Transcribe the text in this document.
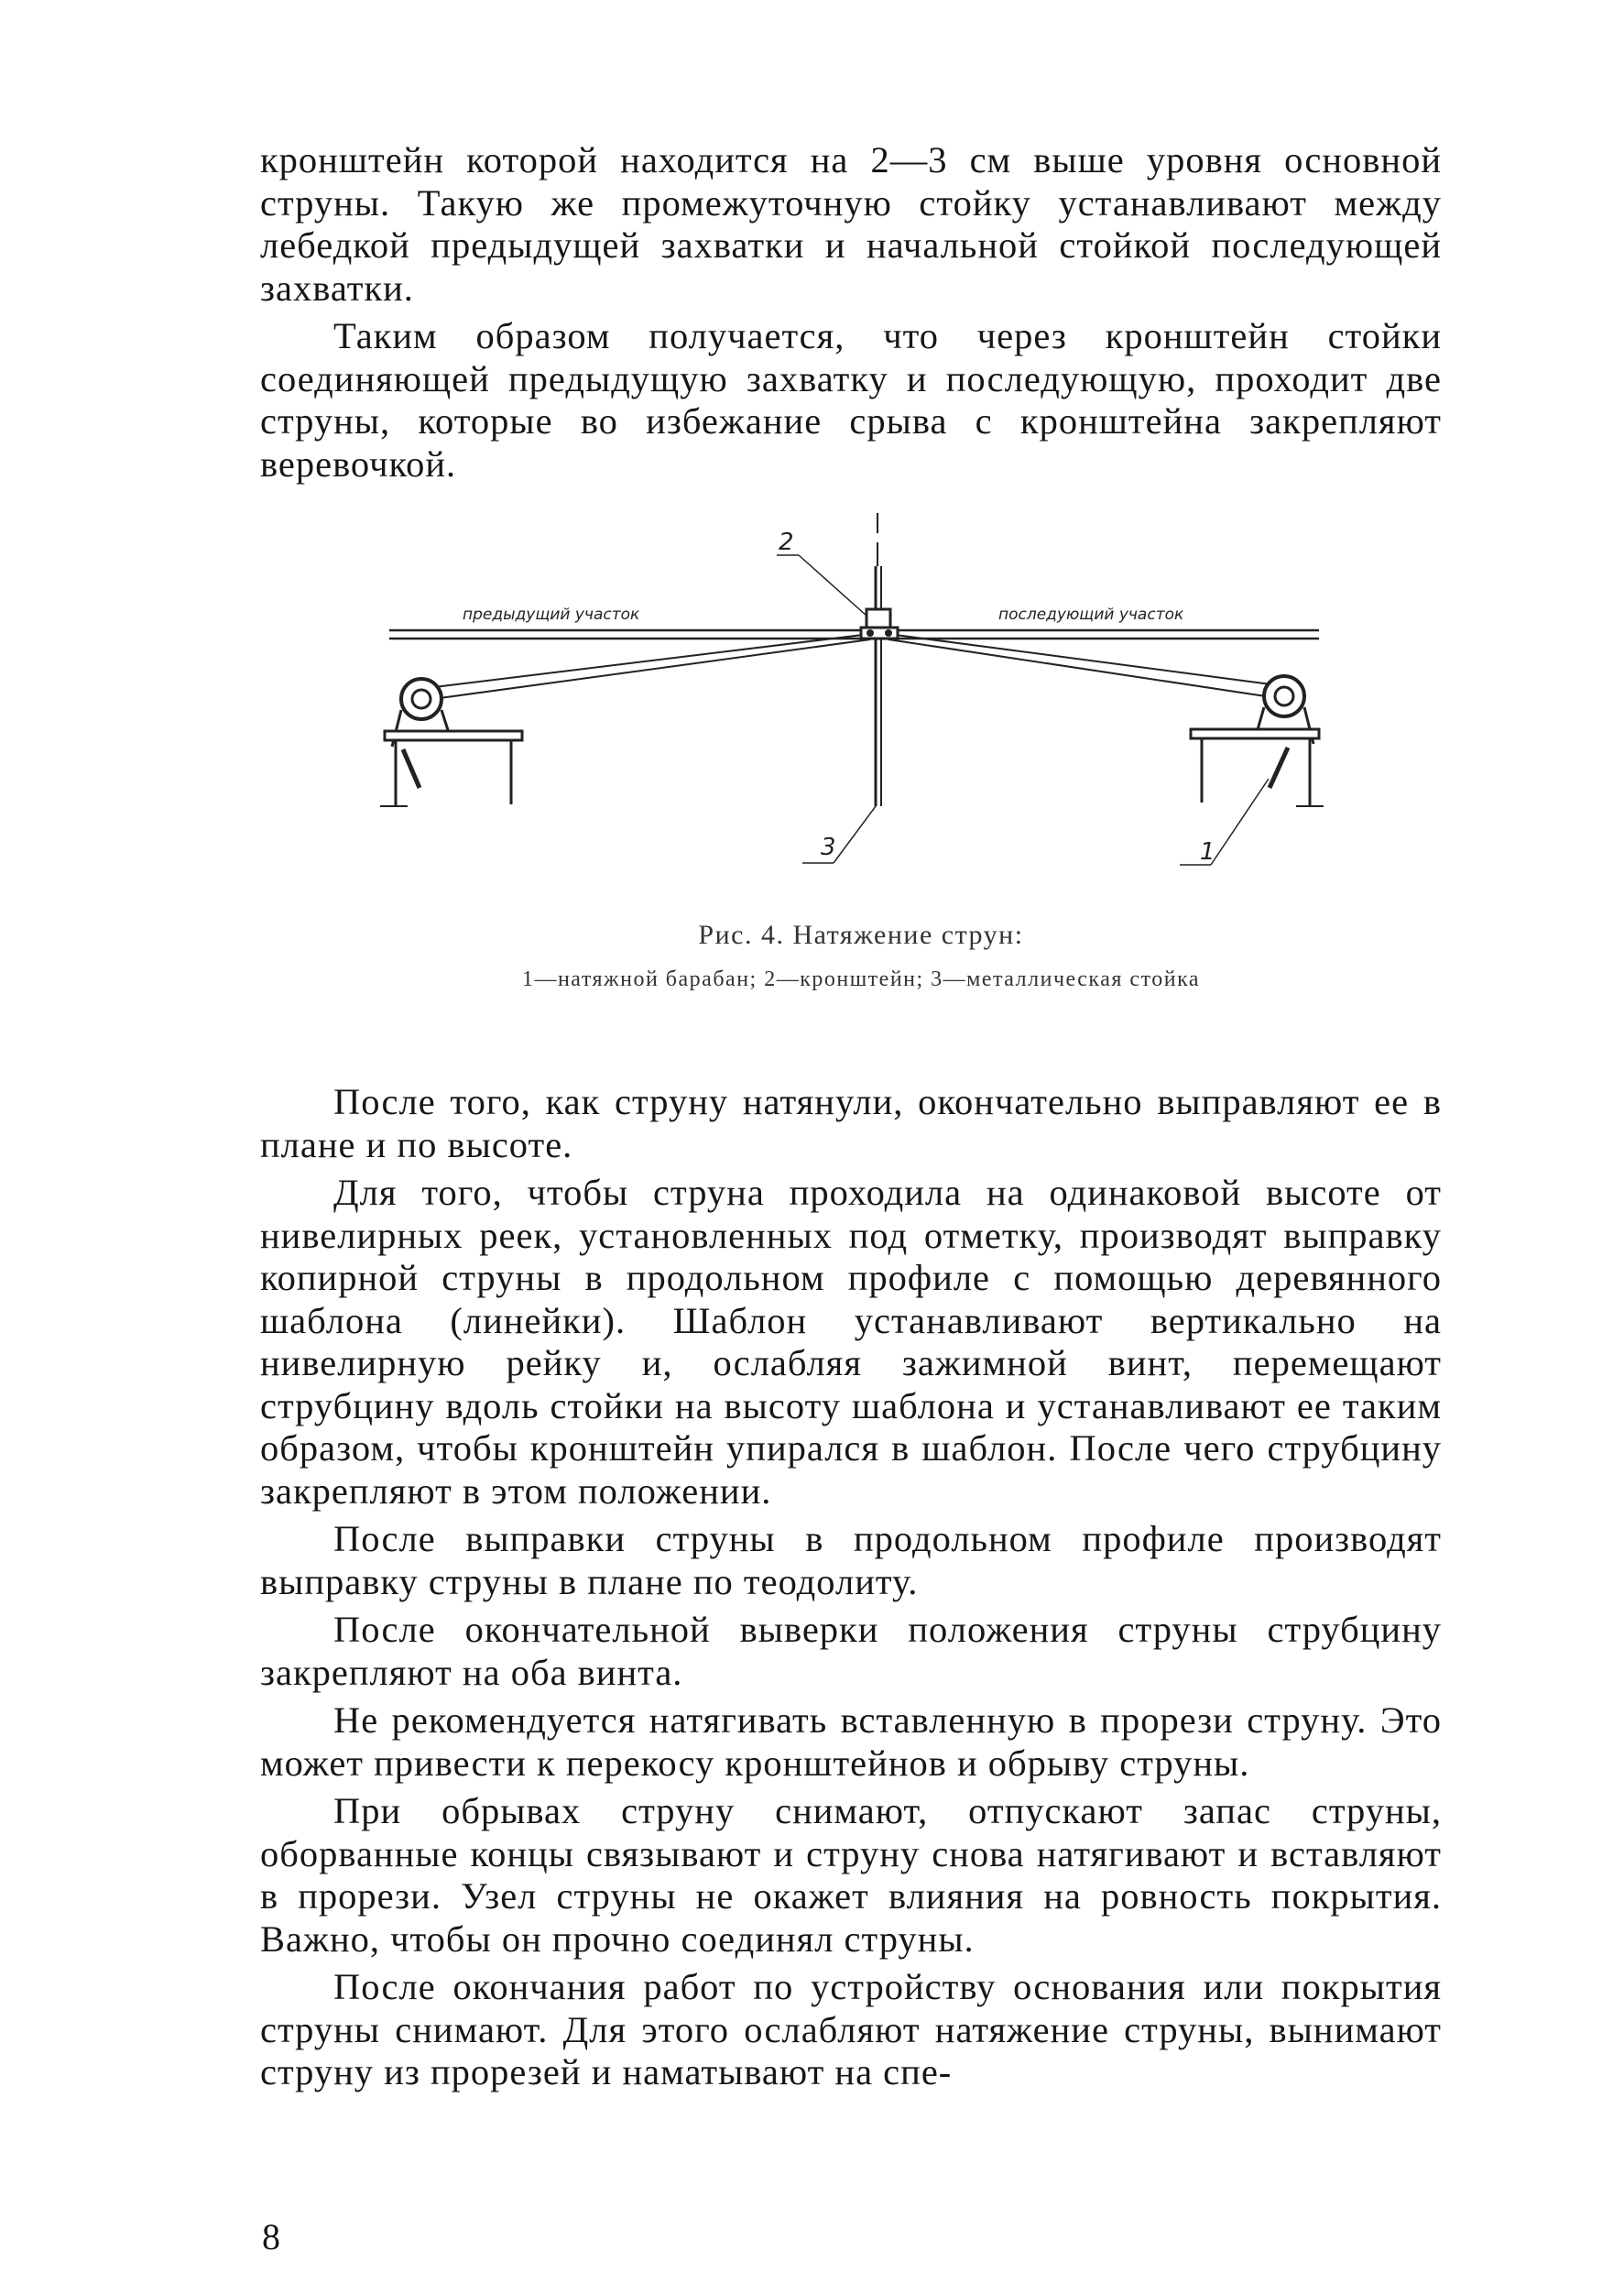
кронштейн которой находится на 2—3 см выше уровня основной струны. Такую же промежуточную стойку устанавливают между лебедкой предыдущей захватки и начальной стойкой последующей захватки.

Таким образом получается, что через кронштейн стойки соединяющей предыдущую захватку и последующую, проходит две струны, которые во избежание срыва с кронштейна закрепляют веревочкой.

предыдущий участок	последующий участок
2
3	1
Рис. 4. Натяжение струн:
1—натяжной барабан; 2—кронштейн; 3—металлическая стойка

После того, как струну натянули, окончательно выправляют ее в плане и по высоте.

Для того, чтобы струна проходила на одинаковой высоте от нивелирных реек, установленных под отметку, производят выправку копирной струны в продольном профиле с помощью деревянного шаблона (линейки). Шаблон устанавливают вертикально на нивелирную рейку и, ослабляя зажимной винт, перемещают струбцину вдоль стойки на высоту шаблона и устанавливают ее таким образом, чтобы кронштейн упирался в шаблон. После чего струбцину закрепляют в этом положении.

После выправки струны в продольном профиле производят выправку струны в плане по теодолиту.

После окончательной выверки положения струны струбцину закрепляют на оба винта.

Не рекомендуется натягивать вставленную в прорези струну. Это может привести к перекосу кронштейнов и обрыву струны.

При обрывах струну снимают, отпускают запас струны, оборванные концы связывают и струну снова натягивают и вставляют в прорези. Узел струны не окажет влияния на ровность покрытия. Важно, чтобы он прочно соединял струны.

После окончания работ по устройству основания или покрытия струны снимают. Для этого ослабляют натяжение струны, вынимают струну из прорезей и наматывают на спе-

8
